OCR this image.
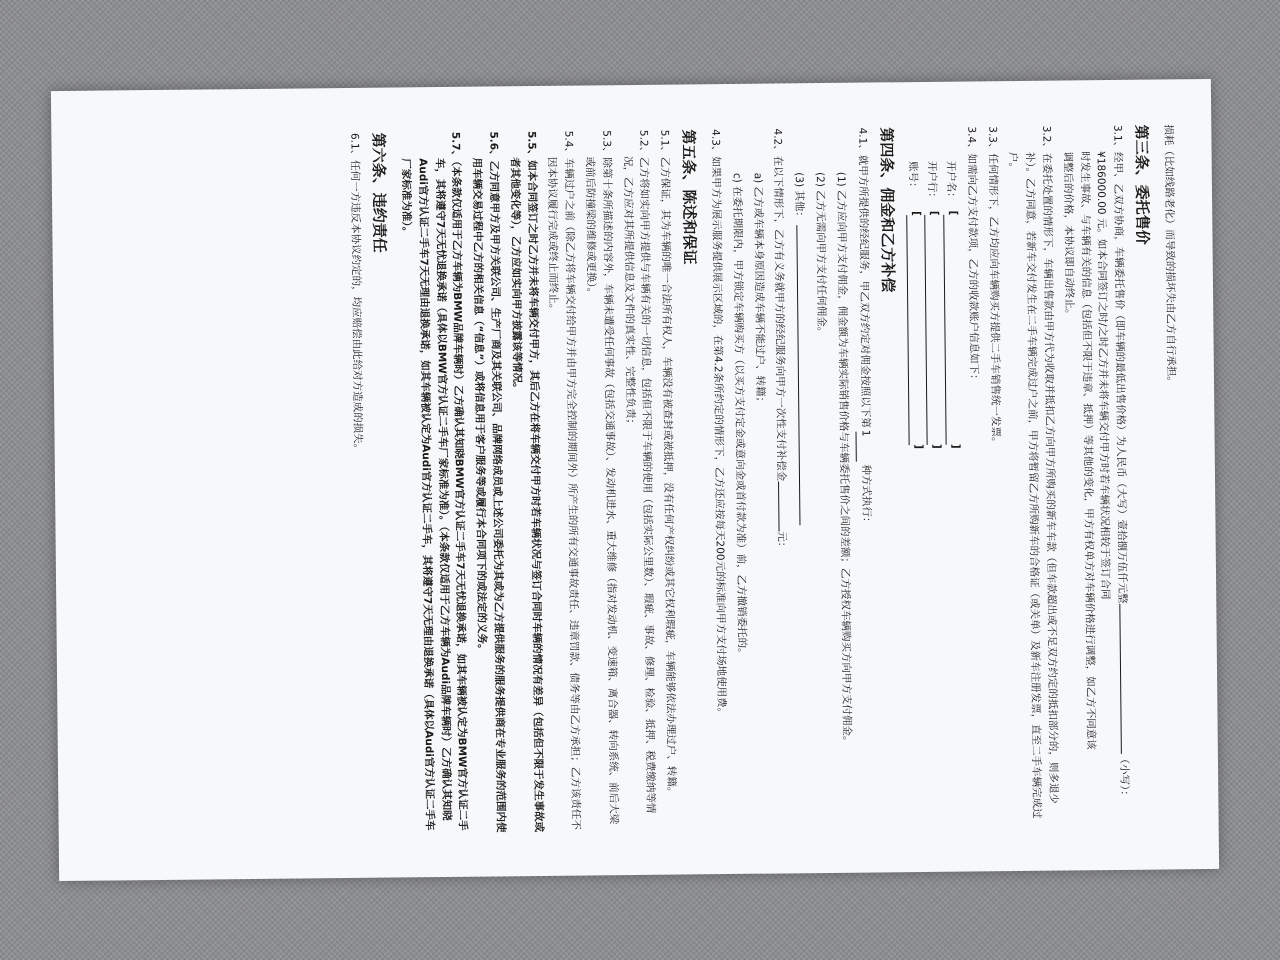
损耗（比如线路老化）而导致的损坏失由乙方自行承担。

第三条、委托售价

3.1、经甲、乙双方协商，车辆委托售价（即车辆的最低出售价格）为人民币（大写）壹拾捌万伍仟元整（小写）：
¥186000.00 元。如本合同签订之时/之时乙方并未将车辆交付甲方时若车辆状况相较于签订合同
时发生事故、与车辆有关的信息（包括但不限于违章、抵押）等其他的变化，甲方有权单方对车辆价格进行调整，如乙方不同意该
调整后的价格，本协议即自动终止。

3.2、在委托处置的情形下，车辆出售款由甲方代为收取并抵扣乙方向甲方所购买的新车车款（但车款超出或不足双方约定的抵扣部分的，则多退少补）。乙方同意，若新车交付发生在二手车辆完成过户之前，甲方将暂留乙方所购新车的合格证（或关单）及新车注册发票，直至二手车辆完成过户。

3.3、任何情形下，乙方均应向车辆购买方提供二手车销售统一发票。

3.4、如需向乙方支付款项，乙方的收款账户信息如下：

开户名：
[ ]
开户行：
[ ]
账号：
[ ]
第四条、佣金和乙方补偿

4.1、就甲方所提供的经纪服务，甲乙双方约定对佣金按照以下第 1 种方式执行：

(1) 乙方应向甲方支付佣金，佣金额为车辆实际销售价格与车辆委托售价之间的差额；乙方授权车辆购买方向甲方支付佣金。

(2) 乙方无需向甲方支付任何佣金。

(3) 其他：

4.2、在以下情形下，乙方有义务就甲方的经纪服务向甲方一次性支付补偿金元：

a) 乙方或车辆本身原因造成车辆不能过户、转籍；

c) 在委托期限内，甲方锁定车辆购买方（以买方支付定金或意向金或首付款为准）前，乙方撤销委托的。

4.3、如果甲方为展示服务提供展示区域的，在第4.2条所约定的情形下，乙方还应按每天200元的标准向甲方支付场地使用费。

第五条、陈述和保证

5.1、乙方保证，其为车辆的唯一合法所有权人，车辆没有被查封或被抵押，没有任何产权纠纷或其它权利瑕疵，车辆能够依法办理过户、转籍。

5.2、乙方将如实向甲方提供与车辆有关的一切信息，包括但不限于车辆的使用（包括实际公里数）、瑕疵、事故、修理、检验、抵押、税费缴纳等情况，乙方应对其所提供信息及文件的真实性、完整性负责；

5.3、除第十条所描述的内容外，车辆未遭受任何事故（包括交通事故）、发动机进水、重大维修（指对发动机、变速箱、离合器、转向系统、前后大梁或前后防撞梁的维修或更换）。

5.4、车辆过户之前（除乙方将车辆交付给甲方并由甲方完全控制的期间外）所产生的所有交通事故责任、违章罚款、债务等由乙方承担；乙方该责任不因本协议履行完成或终止而终止。

5.5、如本合同签订之时乙方并未将车辆交付甲方，其后乙方在将车辆交付甲方时若车辆状况与签订合同时车辆的情况有差异（包括但不限于发生事故或者其他变化等），乙方应如实向甲方披露该等情况。

5.6、乙方同意甲方及甲方关联公司、生产厂商及其关联公司、品牌网络成员或上述公司委托为其或为乙方提供服务的服务提供商在专业服务的范围内使用车辆交易过程中乙方的相关信息（“信息”）或将信息用于客户服务等或履行本合同项下的或法定的义务。

5.7、（本条款仅适用于乙方车辆为BMW品牌车辆时）乙方确认其知晓BMW官方认证二手车7天无忧退换承诺，如其车辆被认定为BMW官方认证二手车，其将遵守7天无忧退换承诺（具体以BMW官方认证二手车厂家标准为准）。（本条款仅适用于乙方车辆为Audi品牌车辆时）乙方确认其知晓Audi官方认证二手车7天无理由退换承诺，如其车辆被认定为Audi官方认证二手车，其将遵守7天无理由退换承诺（具体以Audi官方认证二手车厂家标准为准）。

第六条、违约责任

6.1、任何一方违反本协议约定的，均应赔偿由此给对方造成的损失。
